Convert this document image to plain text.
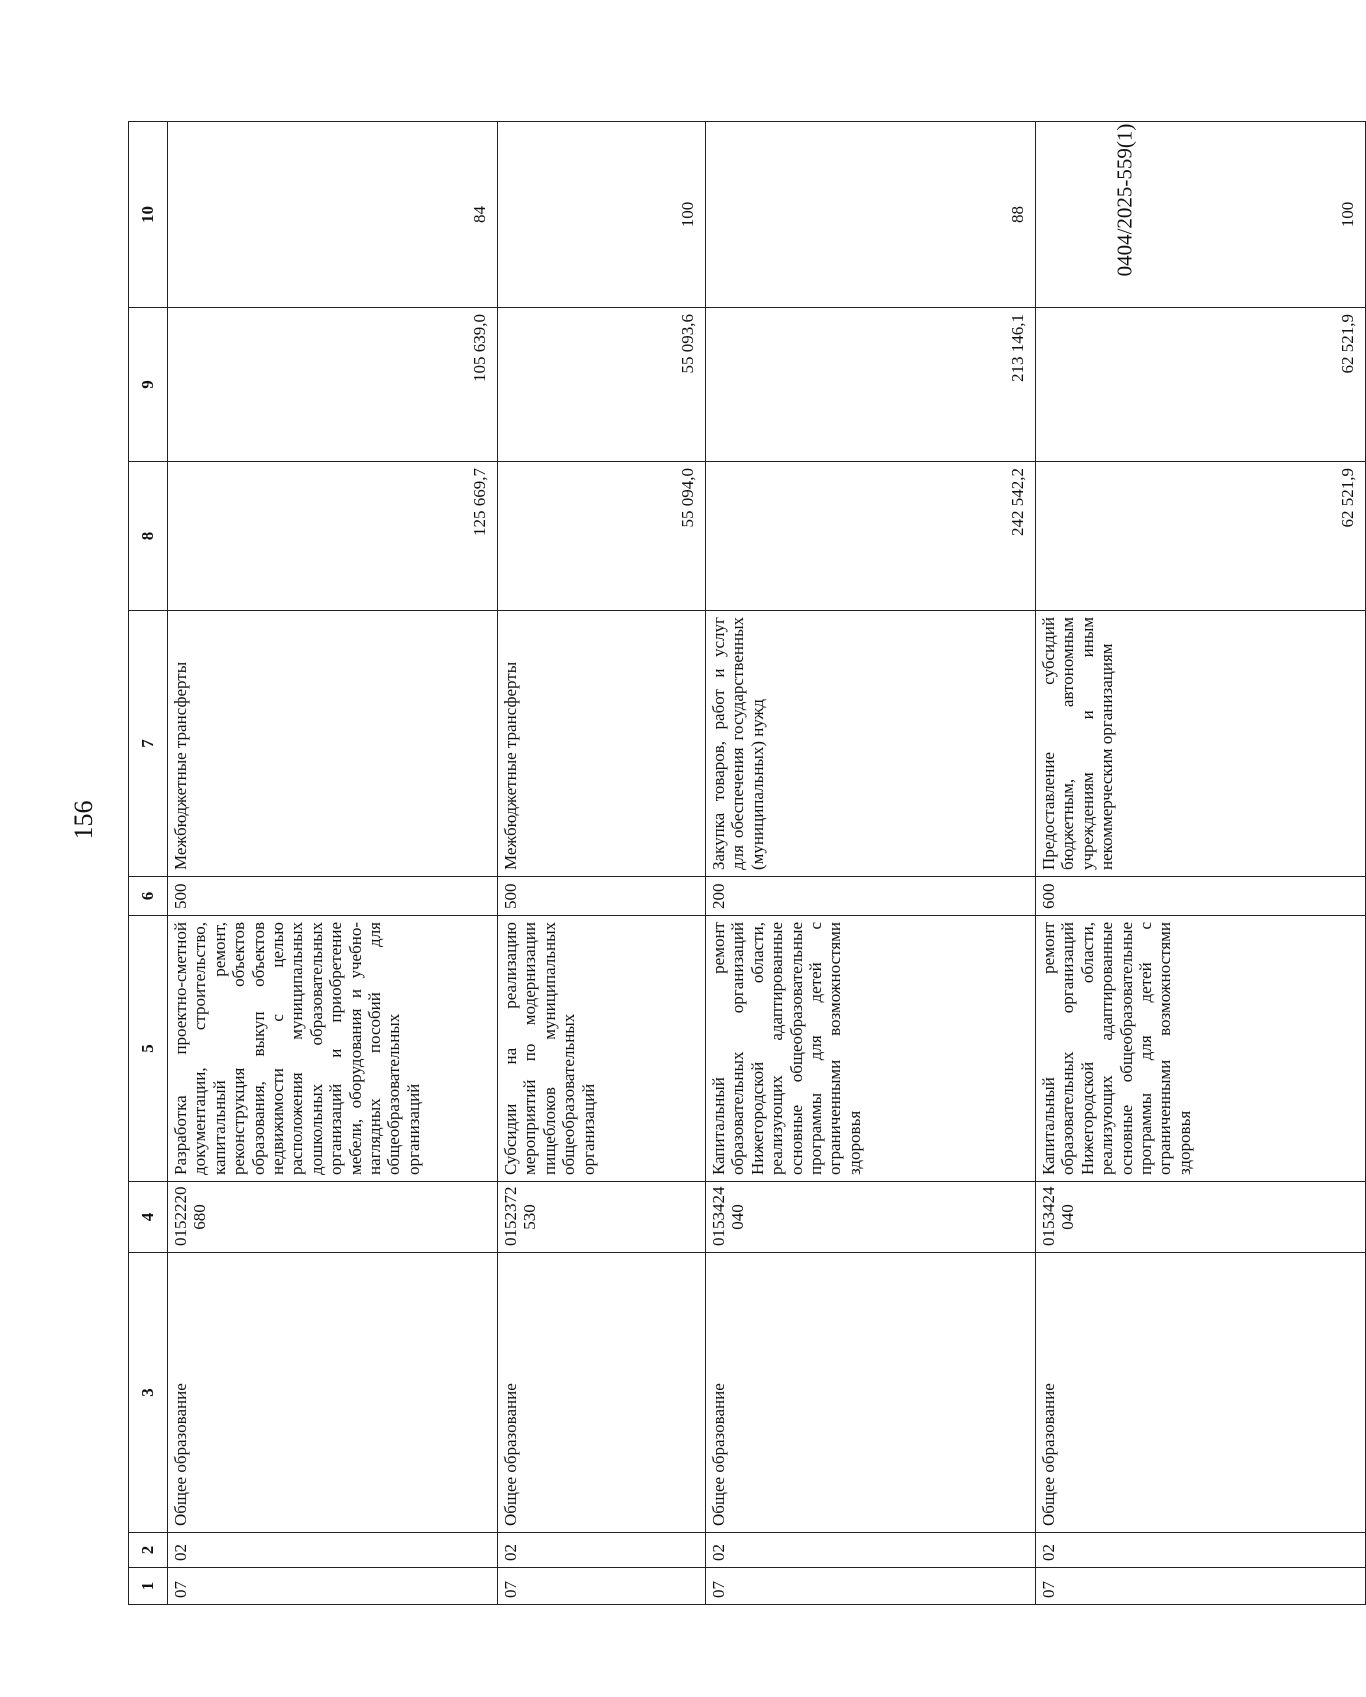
156
0404/2025-559(1)
1	2	3	4	5	6	7	8	9	10
07	02	Общее образование	0152220 680	Разработка проектно-сметной документации, строительство, капитальный ремонт, реконструкция объектов образования, выкуп объектов недвижимости с целью расположения муниципальных дошкольных образовательных организаций и приобретение мебели, оборудования и учебно-наглядных пособий для общеобразовательных организаций	500	Межбюджетные трансферты	125 669,7	105 639,0	84
07	02	Общее образование	0152372 530	Субсидии на реализацию мероприятий по модернизации пищеблоков муниципальных общеобразовательных организаций	500	Межбюджетные трансферты	55 094,0	55 093,6	100
07	02	Общее образование	0153424 040	Капитальный ремонт образовательных организаций Нижегородской области, реализующих адаптированные основные общеобразовательные программы для детей с ограниченными возможностями здоровья	200	Закупка товаров, работ и услуг для обеспечения государственных (муниципальных) нужд	242 542,2	213 146,1	88
07	02	Общее образование	0153424 040	Капитальный ремонт образовательных организаций Нижегородской области, реализующих адаптированные основные общеобразовательные программы для детей с ограниченными возможностями здоровья	600	Предоставление субсидий бюджетным, автономным учреждениям и иным некоммерческим организациям	62 521,9	62 521,9	100
